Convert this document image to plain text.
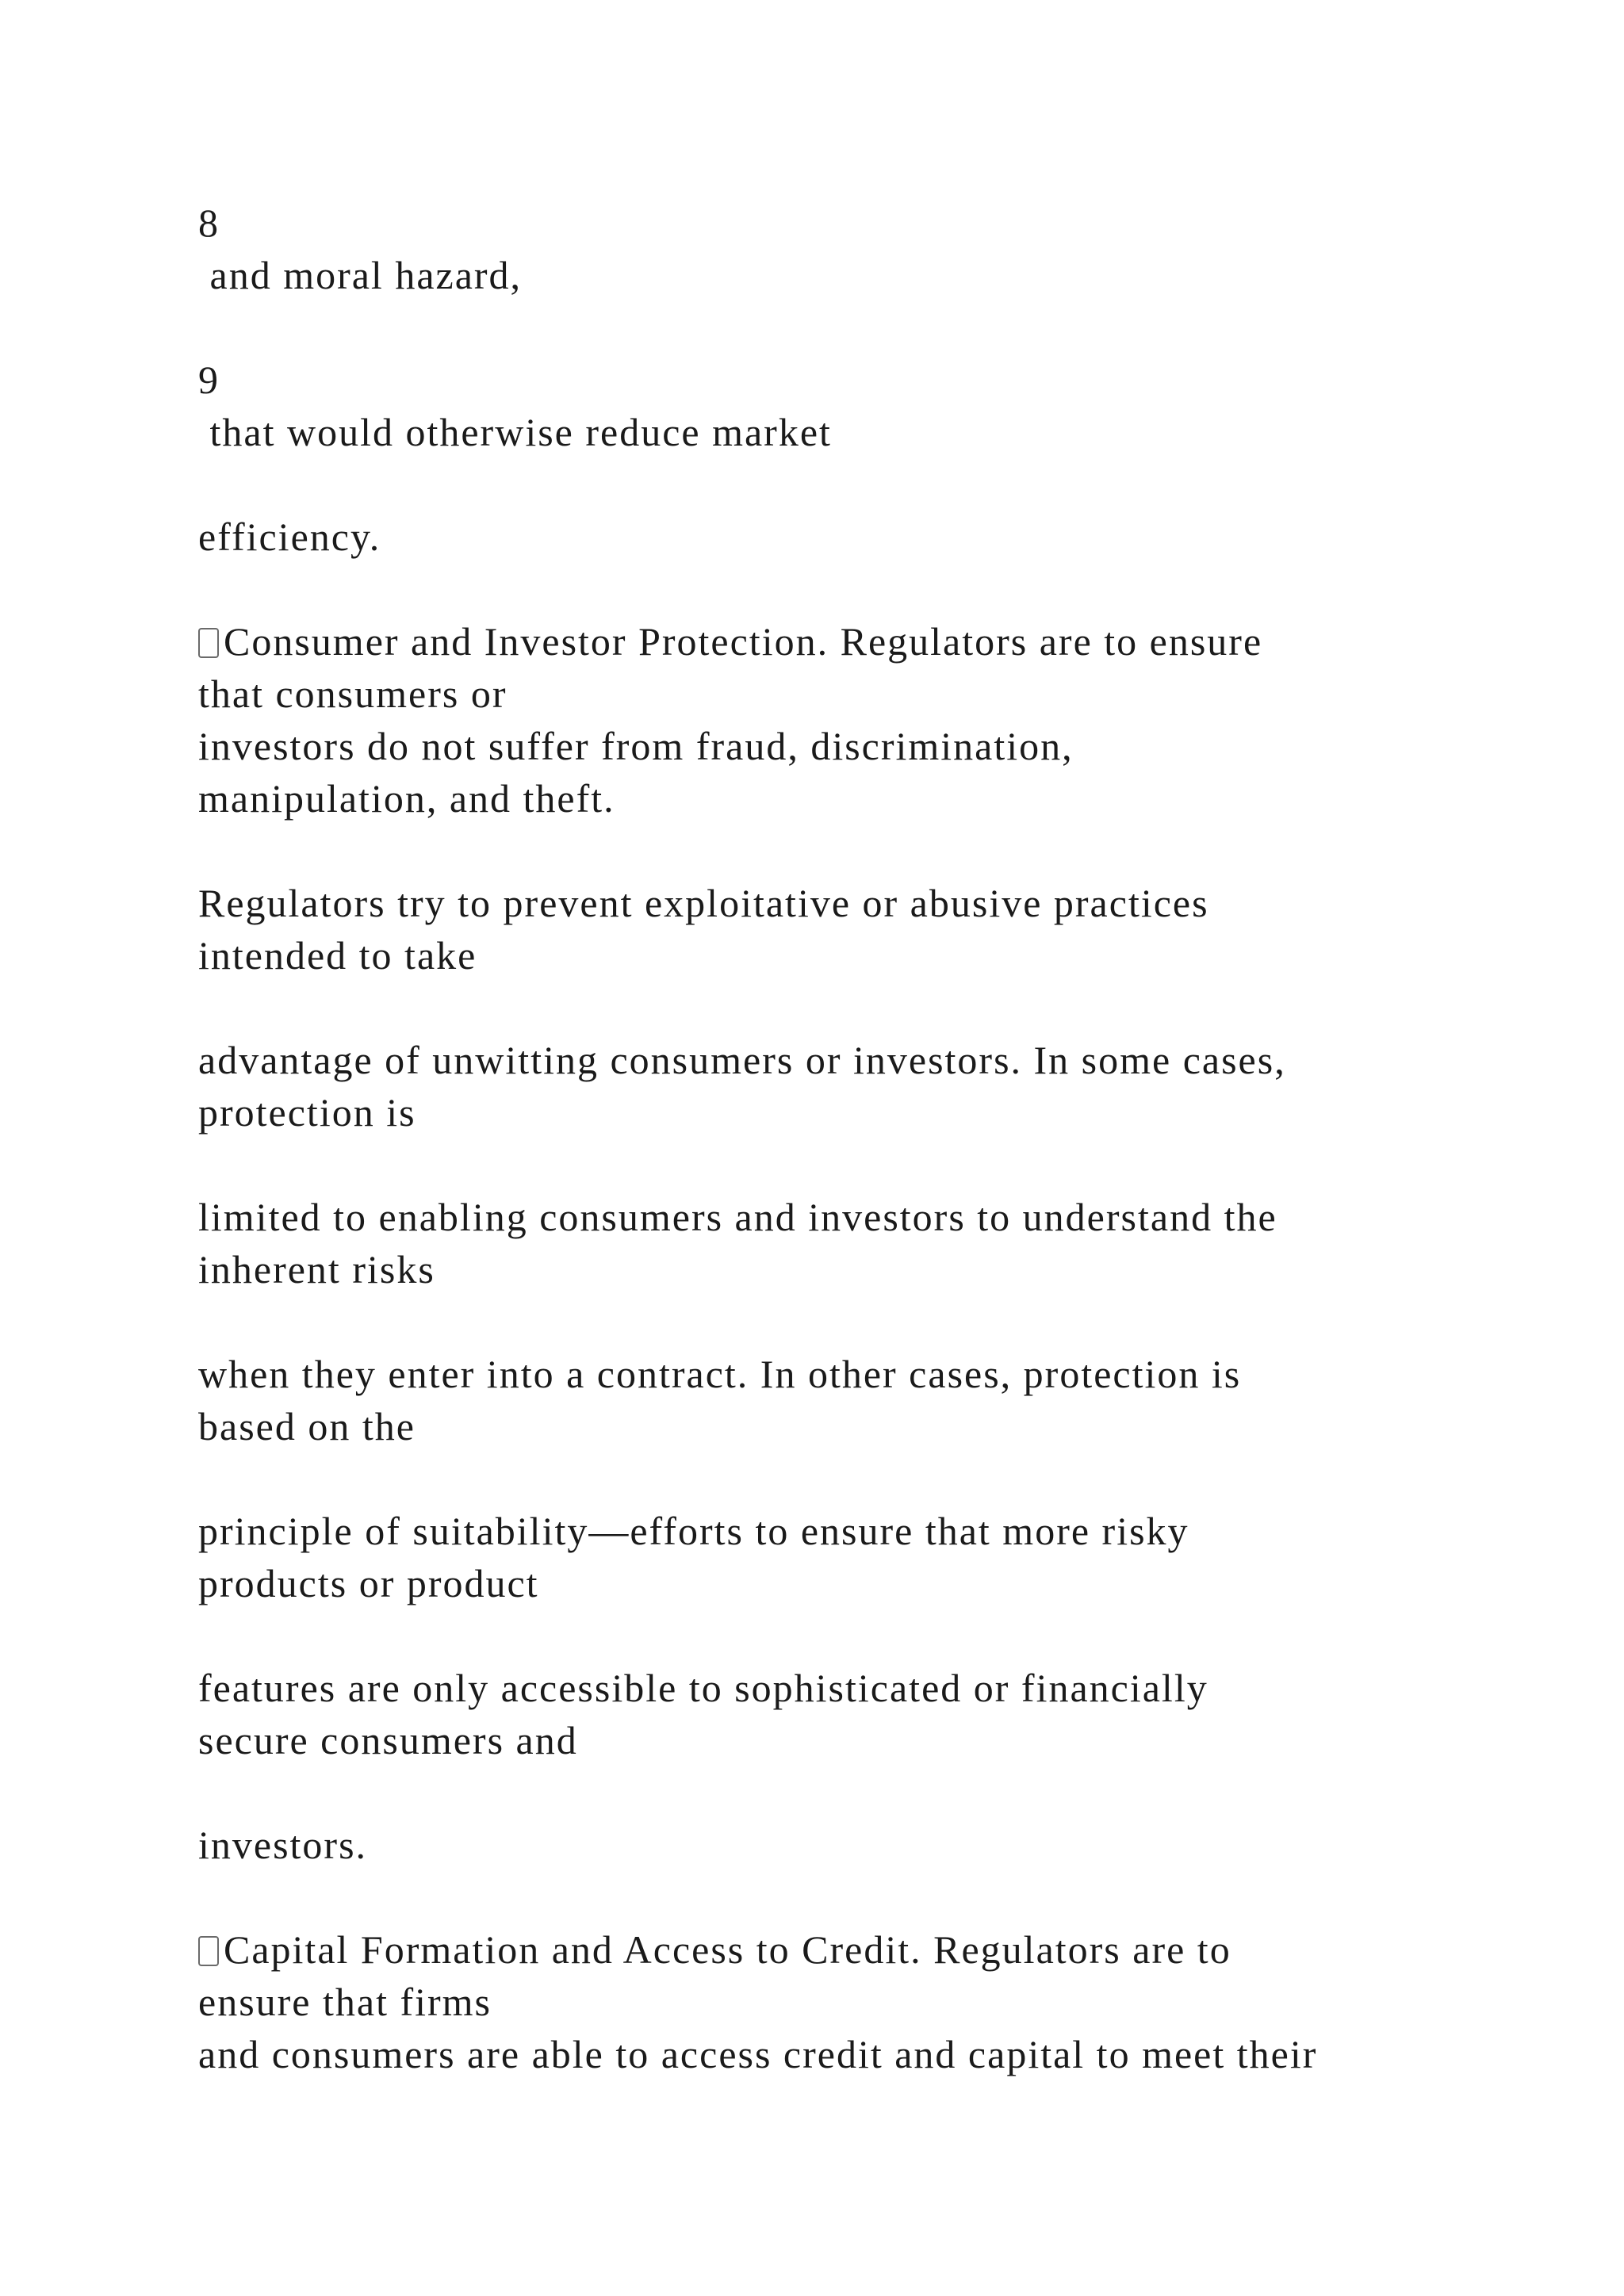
8

and moral hazard,

9

that would otherwise reduce market

efficiency.

Consumer and Investor Protection. Regulators are to ensure

that consumers or

investors do not suffer from fraud, discrimination,

manipulation, and theft.

Regulators try to prevent exploitative or abusive practices

intended to take

advantage of unwitting consumers or investors. In some cases,

protection is

limited to enabling consumers and investors to understand the

inherent risks

when they enter into a contract. In other cases, protection is

based on the

principle of suitability—efforts to ensure that more risky

products or product

features are only accessible to sophisticated or financially

secure consumers and

investors.

Capital Formation and Access to Credit. Regulators are to

ensure that firms

and consumers are able to access credit and capital to meet their
